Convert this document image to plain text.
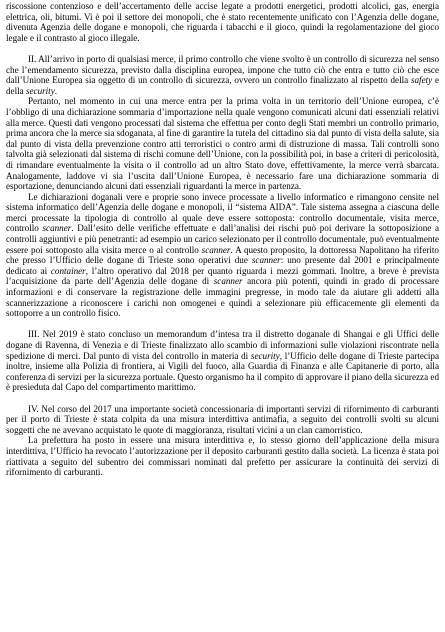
riscossione contenzioso e dell’accertamento delle accise legate a prodotti energetici, prodotti alcolici, gas, energia elettrica, oli, bitumi. Vi è poi il settore dei monopoli, che è stato recentemente unificato con l’Agenzia delle dogane, divenuta Agenzia delle dogane e monopoli, che riguarda i tabacchi e il gioco, quindi la regolamentazione del gioco legale e il contrasto al gioco illegale.

II. All’arrivo in porto di qualsiasi merce, il primo controllo che viene svolto è un controllo di sicurezza nel senso che l’emendamento sicurezza, previsto dalla disciplina europea, impone che tutto ciò che entra e tutto ciò che esce dall’Unione Europea sia oggetto di un controllo di sicurezza, ovvero un controllo finalizzato al rispetto della safety e della security.

Pertanto, nel momento in cui una merce entra per la prima volta in un territorio dell’Unione europea, c’è l’obbligo di una dichiarazione sommaria d’importazione nella quale vengono comunicati alcuni dati essenziali relativi alla merce. Questi dati vengono processati dal sistema che effettua per conto degli Stati membri un controllo primario, prima ancora che la merce sia sdoganata, al fine di garantire la tutela del cittadino sia dal punto di vista della salute, sia dal punto di vista della prevenzione contro atti terroristici o contro armi di distruzione di massa. Tali controlli sono talvolta già selezionati dal sistema di rischi comune dell’Unione, con la possibilità poi, in base a criteri di pericolosità, di rimandare eventualmente la visita o il controllo ad un altro Stato dove, effettivamente, la merce verrà sbarcata. Analogamente, laddove vi sia l’uscita dall’Unione Europea, è necessario fare una dichiarazione sommaria di esportazione, denunciando alcuni dati essenziali riguardanti la merce in partenza.

Le dichiarazioni doganali vere e proprie sono invece processate a livello informatico e rimangono censite nel sistema informatico dell’Agenzia delle dogane e monopoli, il “sistema AIDA”. Tale sistema assegna a ciascuna delle merci processate la tipologia di controllo al quale deve essere sottoposta: controllo documentale, visita merce, controllo scanner. Dall’esito delle verifiche effettuate e dall’analisi dei rischi può poi derivare la sottoposizione a controlli aggiuntivi e più penetranti: ad esempio un carico selezionato per il controllo documentale, può eventualmente essere poi sottoposto alla visita merce o al controllo scanner. A questo proposito, la dottoressa Napolitano ha riferito che presso l’Ufficio delle dogane di Trieste sono operativi due scanner: uno presente dal 2001 e principalmente dedicato ai container, l’altro operativo dal 2018 per quanto riguarda i mezzi gommati. Inoltre, a breve è prevista l’acquisizione da parte dell’Agenzia delle dogane di scanner ancora più potenti, quindi in grado di processare informazioni e di conservare la registrazione delle immagini pregresse, in modo tale da aiutare gli addetti alla scannerizzazione a riconoscere i carichi non omogenei e quindi a selezionare più efficacemente gli elementi da sottoporre a un controllo fisico.

III. Nel 2019 è stato concluso un memorandum d’intesa tra il distretto doganale di Shangai e gli Uffici delle dogane di Ravenna, di Venezia e di Trieste finalizzato allo scambio di informazioni sulle violazioni riscontrate nella spedizione di merci. Dal punto di vista del controllo in materia di security, l’Ufficio delle dogane di Trieste partecipa inoltre, insieme alla Polizia di frontiera, ai Vigili del fuoco, alla Guardia di Finanza e alle Capitanerie di porto, alla conferenza di servizi per la sicurezza portuale. Questo organismo ha il compito di approvare il piano della sicurezza ed è presieduta dal Capo del compartimento marittimo.

IV. Nel corso del 2017 una importante società concessionaria di importanti servizi di rifornimento di carburanti per il porto di Trieste è stata colpita da una misura interdittiva antimafia, a seguito dei controlli svolti su alcuni soggetti che ne avevano acquistato le quote di maggioranza, risultati vicini a un clan camorristico.

La prefettura ha posto in essere una misura interdittiva e, lo stesso giorno dell’applicazione della misura interdittiva, l’Ufficio ha revocato l’autorizzazione per il deposito carburanti gestito dalla società. La licenza è stata poi riattivata a seguito del subentro dei commissari nominati dal prefetto per assicurare la continuità dei servizi di rifornimento di carburanti.
